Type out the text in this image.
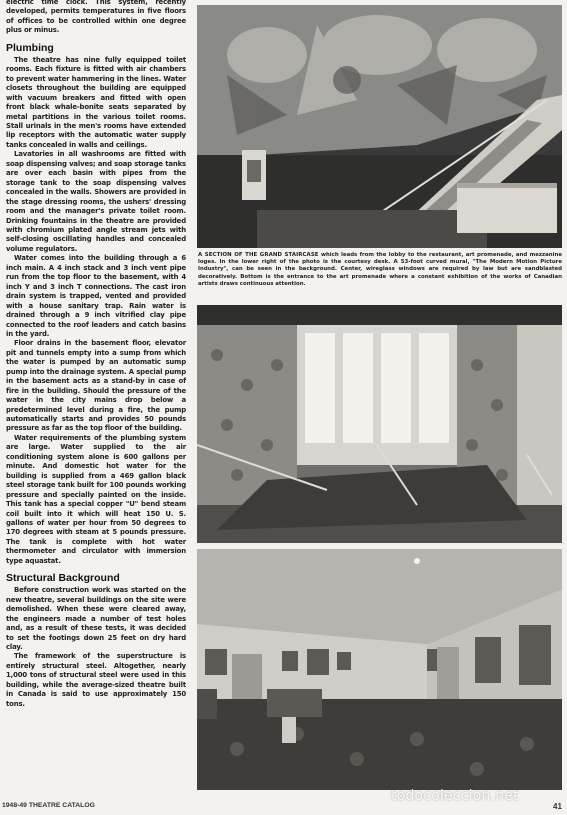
electric time clock. This system, recently developed, permits temperatures in five floors of offices to be controlled within one degree plus or minus.

Plumbing

The theatre has nine fully equipped toilet rooms. Each fixture is fitted with air chambers to prevent water hammering in the lines. Water closets throughout the building are equipped with vacuum breakers and fitted with open front black whale-bonite seats separated by metal partitions in the various toilet rooms. Stall urinals in the men's rooms have extended lip receptors with the automatic water supply tanks concealed in walls and ceilings.

Lavatories in all washrooms are fitted with soap dispensing valves; and soap storage tanks are over each basin with pipes from the storage tank to the soap dispensing valves concealed in the walls. Showers are provided in the stage dressing rooms, the ushers' dressing room and the manager's private toilet room. Drinking fountains in the theatre are provided with chromium plated angle stream jets with self-closing oscillating handles and concealed volume regulators.

Water comes into the building through a 6 inch main. A 4 inch stack and 3 inch vent pipe run from the top floor to the basement, with 4 inch Y and 3 inch T connections. The cast iron drain system is trapped, vented and provided with a house sanitary trap. Rain water is drained through a 9 inch vitrified clay pipe connected to the roof leaders and catch basins in the yard.

Floor drains in the basement floor, elevator pit and tunnels empty into a sump from which the water is pumped by an automatic sump pump into the drainage system. A special pump in the basement acts as a stand-by in case of fire in the building. Should the pressure of the water in the city mains drop below a predetermined level during a fire, the pump automatically starts and provides 50 pounds pressure as far as the top floor of the building.

Water requirements of the plumbing system are large. Water supplied to the air conditioning system alone is 600 gallons per minute. And domestic hot water for the building is supplied from a 469 gallon black steel storage tank built for 100 pounds working pressure and specially painted on the inside. This tank has a special copper "U" bend steam coil built into it which will heat 150 U. S. gallons of water per hour from 50 degrees to 170 degrees with steam at 5 pounds pressure. The tank is complete with hot water thermometer and circulator with immersion type aquastat.

Structural Background

Before construction work was started on the new theatre, several buildings on the site were demolished. When these were cleared away, the engineers made a number of test holes and, as a result of these tests, it was decided to set the footings down 25 feet on dry hard clay.

The framework of the superstructure is entirely structural steel. Altogether, nearly 1,000 tons of structural steel were used in this building, while the average-sized theatre built in Canada is said to use approximately 150 tons.

A SECTION OF THE GRAND STAIRCASE which leads from the lobby to the restaurant, art promenade, and mezzanine loges. In the lower right of the photo is the courtesy desk. A 53-foot curved mural, "The Modern Motion Picture Industry", can be seen in the background. Center, wireglass windows are required by law but are sandblasted decoratively. Bottom is the entrance to the art promenade where a constant exhibition of the works of Canadian artists draws continuous attention.

1948-49 THEATRE CATALOG	41
todocoleccion.net
